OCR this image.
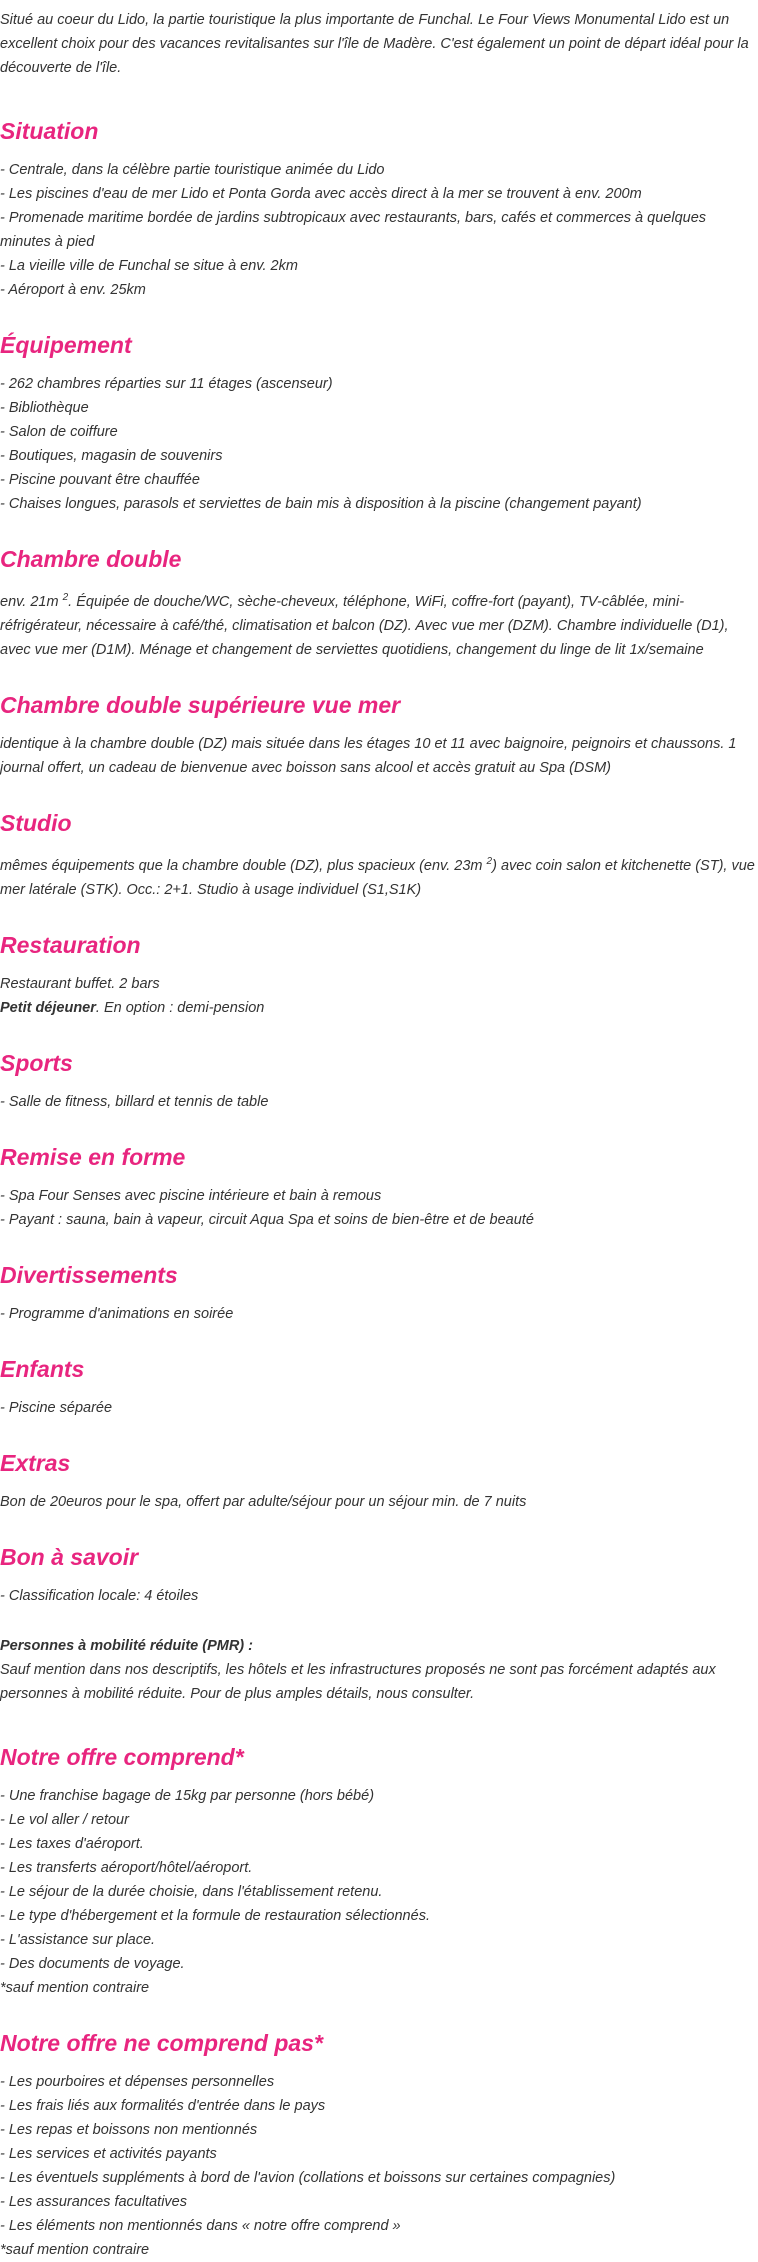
Situé au coeur du Lido, la partie touristique la plus importante de Funchal. Le Four Views Monumental Lido est un excellent choix pour des vacances revitalisantes sur l'île de Madère. C'est également un point de départ idéal pour la découverte de l'île.

Situation

- Centrale, dans la célèbre partie touristique animée du Lido

- Les piscines d'eau de mer Lido et Ponta Gorda avec accès direct à la mer se trouvent à env. 200m

- Promenade maritime bordée de jardins subtropicaux avec restaurants, bars, cafés et commerces à quelques minutes à pied

- La vieille ville de Funchal se situe à env. 2km

- Aéroport à env. 25km

Équipement

- 262 chambres réparties sur 11 étages (ascenseur)

- Bibliothèque

- Salon de coiffure

- Boutiques, magasin de souvenirs

- Piscine pouvant être chauffée

- Chaises longues, parasols et serviettes de bain mis à disposition à la piscine (changement payant)

Chambre double

env. 21m $^2$. Équipée de douche/WC, sèche-cheveux, téléphone, WiFi, coffre-fort (payant), TV-câblée, mini-réfrigérateur, nécessaire à café/thé, climatisation et balcon (DZ). Avec vue mer (DZM). Chambre individuelle (D1), avec vue mer (D1M). Ménage et changement de serviettes quotidiens, changement du linge de lit 1x/semaine

Chambre double supérieure vue mer

identique à la chambre double (DZ) mais située dans les étages 10 et 11 avec baignoire, peignoirs et chaussons. 1 journal offert, un cadeau de bienvenue avec boisson sans alcool et accès gratuit au Spa (DSM)

Studio

mêmes équipements que la chambre double (DZ), plus spacieux (env. 23m $^2$) avec coin salon et kitchenette (ST), vue mer latérale (STK). Occ.: 2+1. Studio à usage individuel (S1,S1K)

Restauration

Restaurant buffet. 2 bars

Petit déjeuner. En option : demi-pension

Sports

- Salle de fitness, billard et tennis de table

Remise en forme

- Spa Four Senses avec piscine intérieure et bain à remous

- Payant : sauna, bain à vapeur, circuit Aqua Spa et soins de bien-être et de beauté

Divertissements

- Programme d'animations en soirée

Enfants

- Piscine séparée

Extras

Bon de 20euros pour le spa, offert par adulte/séjour pour un séjour min. de 7 nuits

Bon à savoir

- Classification locale: 4 étoiles

Personnes à mobilité réduite (PMR) :

Sauf mention dans nos descriptifs, les hôtels et les infrastructures proposés ne sont pas forcément adaptés aux personnes à mobilité réduite. Pour de plus amples détails, nous consulter.

Notre offre comprend*

- Une franchise bagage de 15kg par personne (hors bébé)

- Le vol aller / retour

- Les taxes d'aéroport.

- Les transferts aéroport/hôtel/aéroport.

- Le séjour de la durée choisie, dans l'établissement retenu.

- Le type d'hébergement et la formule de restauration sélectionnés.

- L'assistance sur place.

- Des documents de voyage.

*sauf mention contraire

Notre offre ne comprend pas*

- Les pourboires et dépenses personnelles

- Les frais liés aux formalités d'entrée dans le pays

- Les repas et boissons non mentionnés

- Les services et activités payants

- Les éventuels suppléments à bord de l'avion (collations et boissons sur certaines compagnies)

- Les assurances facultatives

- Les éléments non mentionnés dans « notre offre comprend »

*sauf mention contraire
